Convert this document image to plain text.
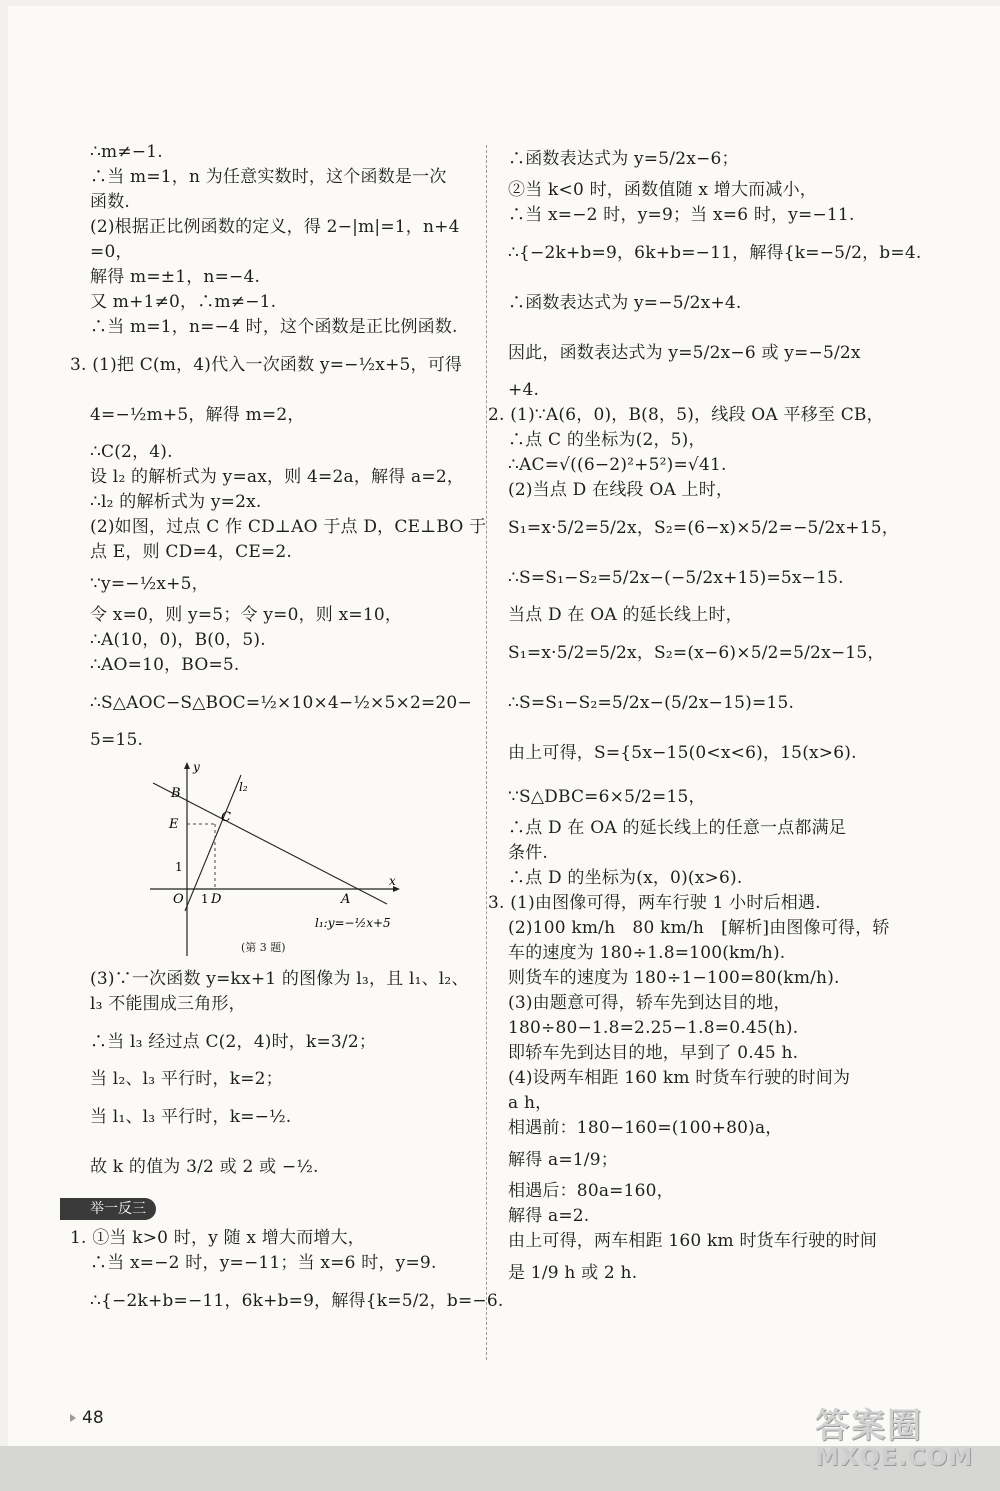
∴m≠−1.
∴当 m=1，n 为任意实数时，这个函数是一次
函数.
(2)根据正比例函数的定义，得 2−|m|=1，n+4
=0，
解得 m=±1，n=−4.
又 m+1≠0，∴m≠−1.
∴当 m=1，n=−4 时，这个函数是正比例函数.
3. (1)把 C(m，4)代入一次函数 y=−½x+5，可得
4=−½m+5，解得 m=2，
∴C(2，4).
设 l₂ 的解析式为 y=ax，则 4=2a，解得 a=2，
∴l₂ 的解析式为 y=2x.
(2)如图，过点 C 作 CD⊥AO 于点 D，CE⊥BO 于
点 E，则 CD=4，CE=2.
∵y=−½x+5，
令 x=0，则 y=5；令 y=0，则 x=10，
∴A(10，0)，B(0，5).
∴AO=10，BO=5.
∴S△AOC−S△BOC=½×10×4−½×5×2=20−
5=15.
y
x
B
E	C
1
O 1 D	A
l₂
l₁:y=−½x+5
(第 3 题)
(3)∵一次函数 y=kx+1 的图像为 l₃，且 l₁、l₂、
l₃ 不能围成三角形，
∴当 l₃ 经过点 C(2，4)时，k=3/2；
当 l₂、l₃ 平行时，k=2；
当 l₁、l₃ 平行时，k=−½.
故 k 的值为 3/2 或 2 或 −½.
举一反三
1. ①当 k>0 时，y 随 x 增大而增大，
∴当 x=−2 时，y=−11；当 x=6 时，y=9.
∴{−2k+b=−11，6k+b=9，解得{k=5/2，b=−6.
∴函数表达式为 y=5/2x−6；
②当 k<0 时，函数值随 x 增大而减小，
∴当 x=−2 时，y=9；当 x=6 时，y=−11.
∴{−2k+b=9，6k+b=−11，解得{k=−5/2，b=4.
∴函数表达式为 y=−5/2x+4.
因此，函数表达式为 y=5/2x−6 或 y=−5/2x
+4.
2. (1)∵A(6，0)，B(8，5)，线段 OA 平移至 CB，
∴点 C 的坐标为(2，5)，
∴AC=√((6−2)²+5²)=√41.
(2)当点 D 在线段 OA 上时，
S₁=x·5/2=5/2x，S₂=(6−x)×5/2=−5/2x+15，
∴S=S₁−S₂=5/2x−(−5/2x+15)=5x−15.
当点 D 在 OA 的延长线上时，
S₁=x·5/2=5/2x，S₂=(x−6)×5/2=5/2x−15，
∴S=S₁−S₂=5/2x−(5/2x−15)=15.
由上可得，S={5x−15(0<x<6)，15(x>6).
∵S△DBC=6×5/2=15，
∴点 D 在 OA 的延长线上的任意一点都满足
条件.
∴点 D 的坐标为(x，0)(x>6).
3. (1)由图像可得，两车行驶 1 小时后相遇.
(2)100 km/h　80 km/h　[解析]由图像可得，轿
车的速度为 180÷1.8=100(km/h).
则货车的速度为 180÷1−100=80(km/h).
(3)由题意可得，轿车先到达目的地，
180÷80−1.8=2.25−1.8=0.45(h).
即轿车先到达目的地，早到了 0.45 h.
(4)设两车相距 160 km 时货车行驶的时间为
a h，
相遇前：180−160=(100+80)a，
解得 a=1/9；
相遇后：80a=160，
解得 a=2.
由上可得，两车相距 160 km 时货车行驶的时间
是 1/9 h 或 2 h.
48	答案圈
MXQE.COM
